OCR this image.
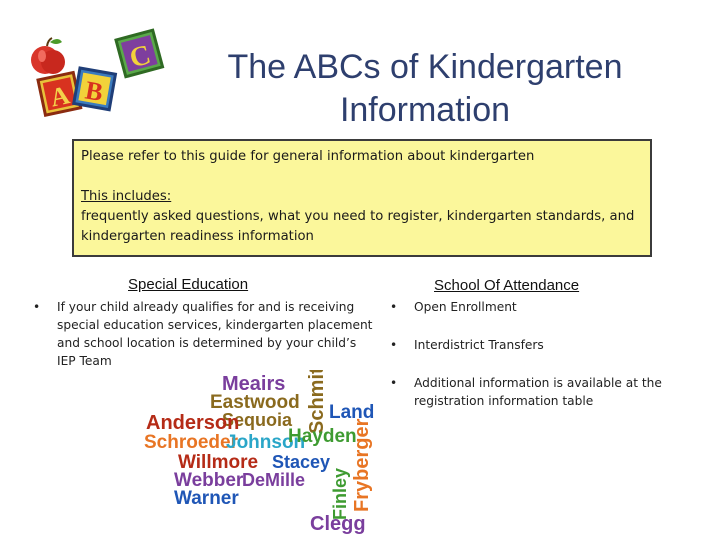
A B
C	The ABCs of Kindergarten Information
Please refer to this guide for general information about kindergarten
This includes:
frequently asked questions, what you need to register, kindergarten standards, and kindergarten readiness information
Special Education	School Of Attendance
• If your child already qualifies for and is receiving special education services, kindergarten placement and school location is determined by your child’s IEP Team
• Open Enrollment
• Interdistrict Transfers
• Additional information is available at the registration information table
Meairs
Eastwood
Sequoia Schmitt Land
Anderson
Schroeder
Johnson
Hayden
Fryberger
Willmore Stacey
Webber
DeMille
Warner	Finley
Clegg
